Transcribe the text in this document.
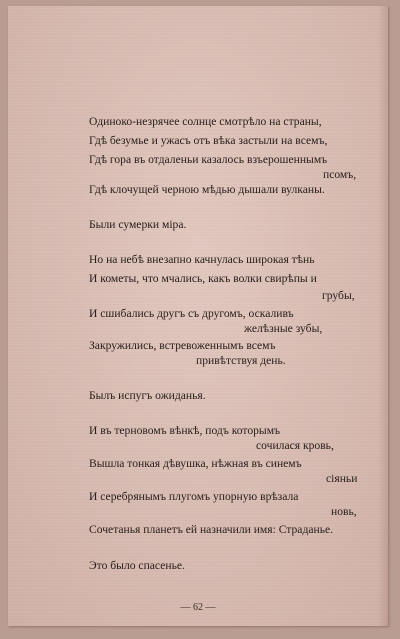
Одиноко-незрячее солнце смотрѣло на страны,
Гдѣ безумье и ужасъ отъ вѣка застыли на всемъ,
Гдѣ гора въ отдаленьи казалось взъерошеннымъ
псомъ,
Гдѣ клочущей черною мѣдью дышали вулканы.
Были сумерки міра.
Но на небѣ внезапно качнулась широкая тѣнь
И кометы, что мчались, какъ волки свирѣпы и
грубы,
И сшибались другъ съ другомъ, оскаливъ
желѣзные зубы,
Закружились, встревоженнымъ всемъ
привѣтствуя день.
Былъ испугъ ожиданья.
И въ терновомъ вѣнкѣ, подъ которымъ
сочилася кровь,
Вышла тонкая дѣвушка, нѣжная въ синемъ
сіяньи
И серебрянымъ плугомъ упорную врѣзала
новь,
Сочетанья планетъ ей назначили имя: Страданье.
Это было спасенье.
— 62 —
